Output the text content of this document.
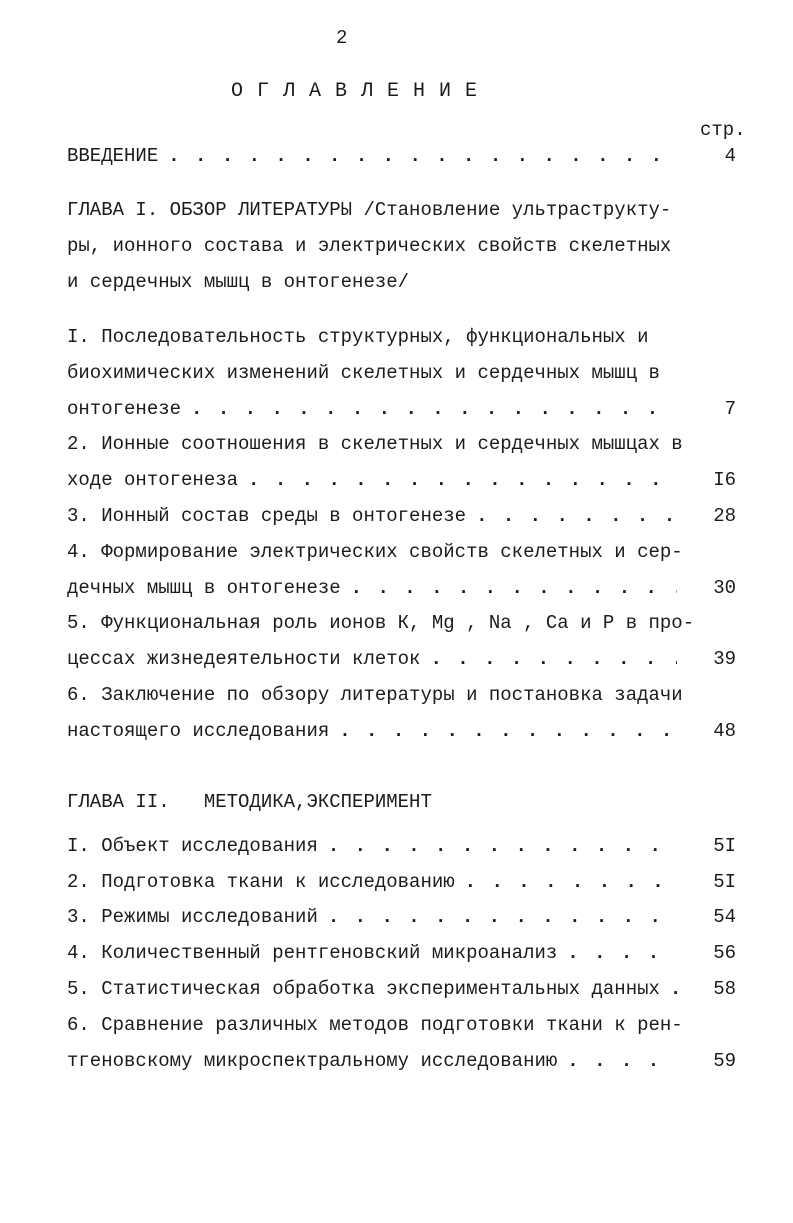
2
О Г Л А В Л Е Н И Е
стр.
ВВЕДЕНИЕ . . .	4
ГЛАВА I. ОБЗОР ЛИТЕРАТУРЫ /Становление ультраструкту-
ры, ионного состава и электрических свойств скелетных
и сердечных мышц в онтогенезе/
I. Последовательность структурных, функциональных и
биохимических изменений скелетных и сердечных мышц в
онтогенезе . . .	7
2. Ионные соотношения в скелетных и сердечных мышцах в
ходе онтогенеза . . .	I6
3. Ионный состав среды в онтогенезе . . .	28
4. Формирование электрических свойств скелетных и сер-
дечных мышц в онтогенезе . . .	30
5. Функциональная роль ионов К, Mg , Na , Ca и P в про-
цессах жизнедеятельности клеток . . .	39
6. Заключение по обзору литературы и постановка задачи
настоящего исследования . . .	48
ГЛАВА II.   МЕТОДИКА,ЭКСПЕРИМЕНТ
I. Объект исследования . . .	5I
2. Подготовка ткани к исследованию . . .	5I
3. Режимы исследований . . .	54
4. Количественный рентгеновский микроанализ . . .	56
5. Статистическая обработка экспериментальных данных . . .	58
6. Сравнение различных методов подготовки ткани к рен-
тгеновскому микроспектральному исследованию . . .	59
